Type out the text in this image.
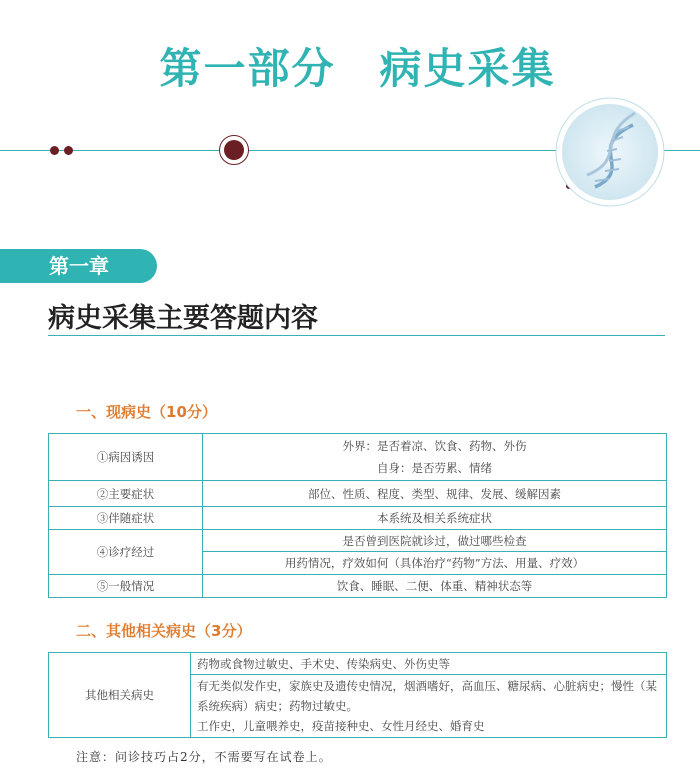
第一部分 病史采集
第一章
病史采集主要答题内容
一、现病史（10分）
①病因诱因	外界：是否着凉、饮食、药物、外伤
自身：是否劳累、情绪

②主要症状	部位、性质、程度、类型、规律、发展、缓解因素
③伴随症状	本系统及相关系统症状
④诊疗经过	是否曾到医院就诊过，做过哪些检查
	用药情况，疗效如何（具体治疗“药物”方法、用量、疗效）
⑤一般情况	饮食、睡眠、二便、体重、精神状态等
二、其他相关病史（3分）
其他相关病史	药物或食物过敏史、手术史、传染病史、外伤史等

有无类似发作史，家族史及遗传史情况，烟酒嗜好，高血压、糖尿病、心脏病史；慢性（某
系统疾病）病史；药物过敏史。
工作史，儿童喂养史，疫苗接种史、女性月经史、婚育史
注意：问诊技巧占2分，不需要写在试卷上。
